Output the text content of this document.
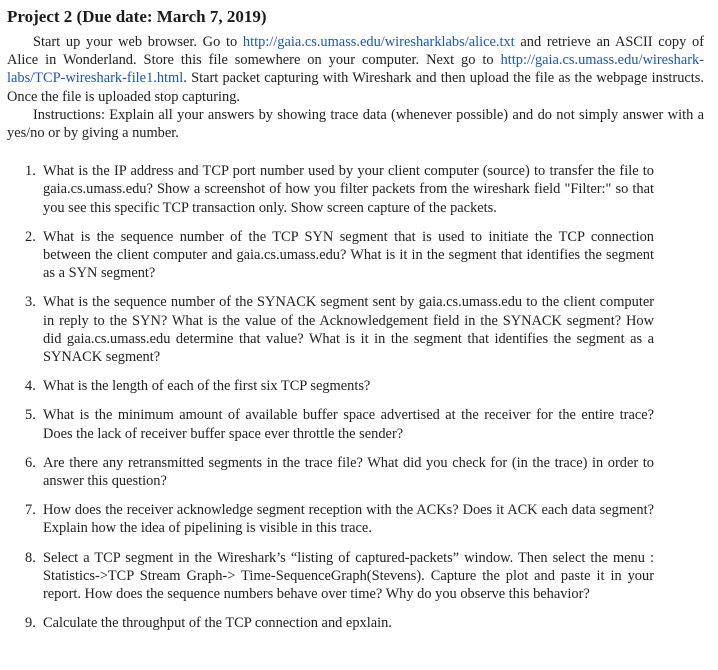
Project 2 (Due date: March 7, 2019)

Start up your web browser. Go to http://gaia.cs.umass.edu/wiresharklabs/alice.txt and retrieve an ASCII copy of Alice in Wonderland. Store this file somewhere on your computer. Next go to http://gaia.cs.umass.edu/wireshark-labs/TCP-wireshark-file1.html. Start packet capturing with Wireshark and then upload the file as the webpage instructs. Once the file is uploaded stop capturing.

Instructions: Explain all your answers by showing trace data (whenever possible) and do not simply answer with a yes/no or by giving a number.

1. What is the IP address and TCP port number used by your client computer (source) to transfer the file to gaia.cs.umass.edu? Show a screenshot of how you filter packets from the wireshark field "Filter:" so that you see this specific TCP transaction only. Show screen capture of the packets.
2. What is the sequence number of the TCP SYN segment that is used to initiate the TCP connection between the client computer and gaia.cs.umass.edu? What is it in the segment that identifies the segment as a SYN segment?
3. What is the sequence number of the SYNACK segment sent by gaia.cs.umass.edu to the client computer in reply to the SYN? What is the value of the Acknowledgement field in the SYNACK segment? How did gaia.cs.umass.edu determine that value? What is it in the segment that identifies the segment as a SYNACK segment?
4. What is the length of each of the first six TCP segments?
5. What is the minimum amount of available buffer space advertised at the receiver for the entire trace? Does the lack of receiver buffer space ever throttle the sender?
6. Are there any retransmitted segments in the trace file? What did you check for (in the trace) in order to answer this question?
7. How does the receiver acknowledge segment reception with the ACKs? Does it ACK each data segment? Explain how the idea of pipelining is visible in this trace.
8. Select a TCP segment in the Wireshark’s “listing of captured-packets” window. Then select the menu : Statistics->TCP Stream Graph-> Time-SequenceGraph(Stevens). Capture the plot and paste it in your report. How does the sequence numbers behave over time? Why do you observe this behavior?
9. Calculate the throughput of the TCP connection and epxlain.
